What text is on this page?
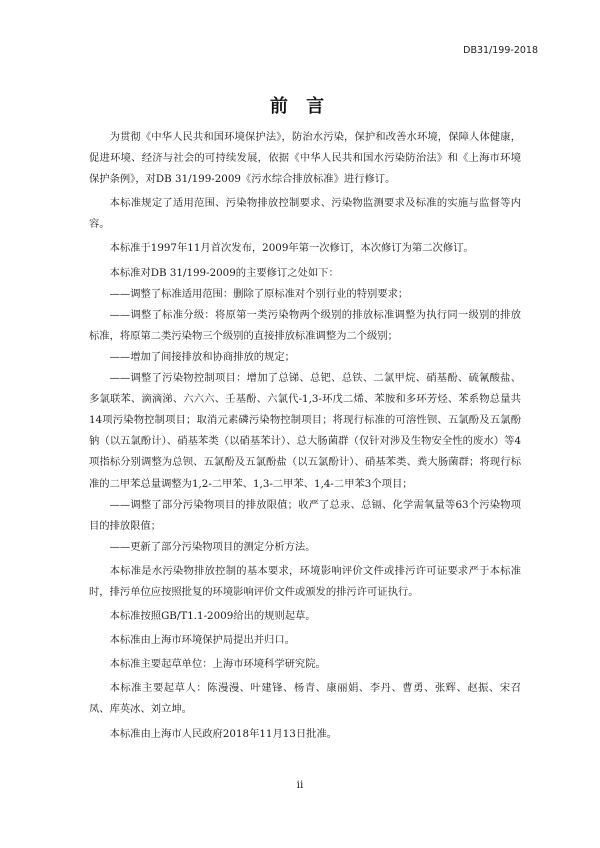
DB31/199-2018
前 言

为贯彻《中华人民共和国环境保护法》，防治水污染，保护和改善水环境，保障人体健康，促进环境、经济与社会的可持续发展，依据《中华人民共和国水污染防治法》和《上海市环境保护条例》，对DB 31/199-2009《污水综合排放标准》进行修订。

本标准规定了适用范围、污染物排放控制要求、污染物监测要求及标准的实施与监督等内容。

本标准于1997年11月首次发布，2009年第一次修订，本次修订为第二次修订。

本标准对DB 31/199-2009的主要修订之处如下：

——调整了标准适用范围：删除了原标准对个别行业的特别要求；

——调整了标准分级：将原第一类污染物两个级别的排放标准调整为执行同一级别的排放标准，将原第二类污染物三个级别的直接排放标准调整为二个级别；

——增加了间接排放和协商排放的规定；

——调整了污染物控制项目：增加了总锑、总钯、总铁、二氯甲烷、硝基酚、硫氰酸盐、多氯联苯、滴滴涕、六六六、壬基酚、六氯代-1,3-环戊二烯、苯胺和多环芳烃、苯系物总量共14项污染物控制项目；取消元素磷污染物控制项目；将现行标准的可溶性钡、五氯酚及五氯酚钠（以五氯酚计）、硝基苯类（以硝基苯计）、总大肠菌群（仅针对涉及生物安全性的废水）等4项指标分别调整为总钡、五氯酚及五氯酚盐（以五氯酚计）、硝基苯类、粪大肠菌群；将现行标准的二甲苯总量调整为1,2-二甲苯、1,3-二甲苯、1,4-二甲苯3个项目；

——调整了部分污染物项目的排放限值；收严了总汞、总镉、化学需氧量等63个污染物项目的排放限值；

——更新了部分污染物项目的测定分析方法。

本标准是水污染物排放控制的基本要求，环境影响评价文件或排污许可证要求严于本标准时，排污单位应按照批复的环境影响评价文件或颁发的排污许可证执行。

本标准按照GB/T1.1-2009给出的规则起草。

本标准由上海市环境保护局提出并归口。

本标准主要起草单位：上海市环境科学研究院。

本标准主要起草人：陈漫漫、叶建锋、杨青、康丽娟、李丹、曹勇、张辉、赵振、宋召凤、库英冰、刘立坤。

本标准由上海市人民政府2018年11月13日批准。

ii
